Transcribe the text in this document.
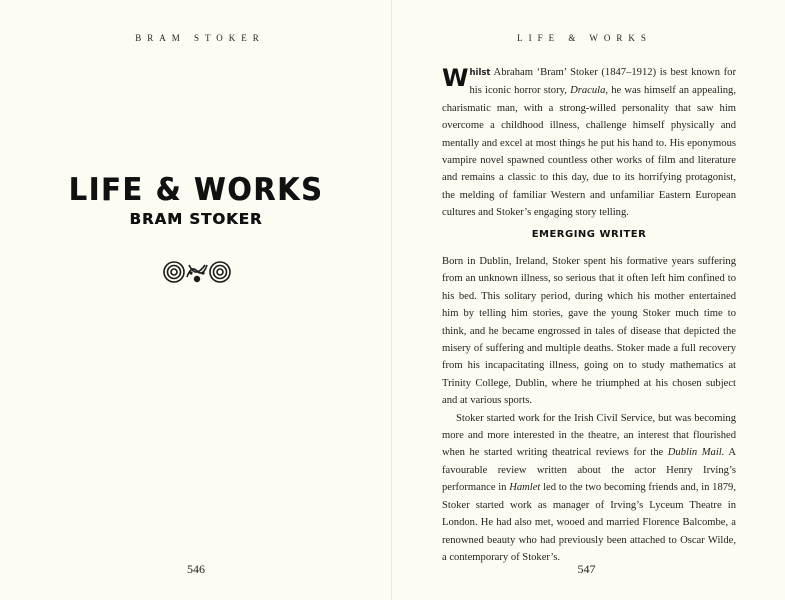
BRAM STOKER
LIFE & WORKS
BRAM STOKER
546
LIFE & WORKS
547
Whilst Abraham ‘Bram’ Stoker (1847–1912) is best known for his iconic horror story, Dracula, he was himself an appealing, charismatic man, with a strong-willed personality that saw him overcome a childhood illness, challenge himself physically and mentally and excel at most things he put his hand to. His eponymous vampire novel spawned countless other works of film and literature and remains a classic to this day, due to its horrifying protagonist, the melding of familiar Western and unfamiliar Eastern European cultures and Stoker’s engaging story telling.
EMERGING WRITER

Born in Dublin, Ireland, Stoker spent his formative years suffering from an unknown illness, so serious that it often left him confined to his bed. This solitary period, during which his mother entertained him by telling him stories, gave the young Stoker much time to think, and he became engrossed in tales of disease that depicted the misery of suffering and multiple deaths. Stoker made a full recovery from his incapacitating illness, going on to study mathematics at Trinity College, Dublin, where he triumphed at his chosen subject and at various sports.

Stoker started work for the Irish Civil Service, but was becoming more and more interested in the theatre, an interest that flourished when he started writing theatrical reviews for the Dublin Mail. A favourable review written about the actor Henry Irving’s performance in Hamlet led to the two becoming friends and, in 1879, Stoker started work as manager of Irving’s Lyceum Theatre in London. He had also met, wooed and married Florence Balcombe, a renowned beauty who had previously been attached to Oscar Wilde, a contemporary of Stoker’s.
